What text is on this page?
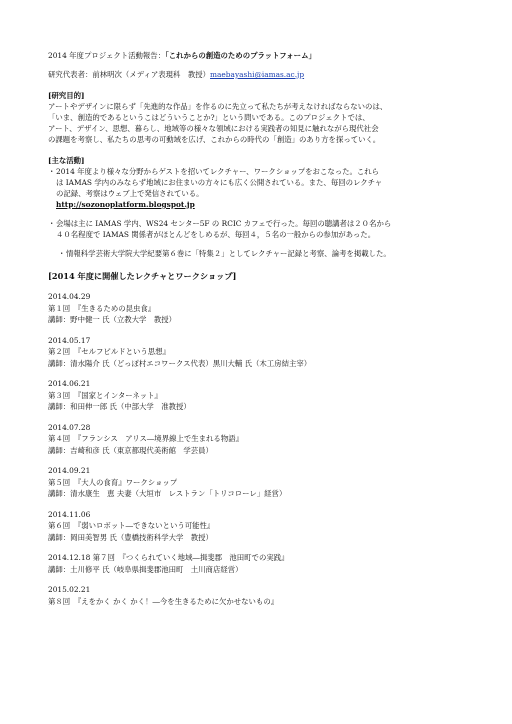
2014 年度プロジェクト活動報告：「これからの創造のためのプラットフォーム」
研究代表者：前林明次（メディア表現科　教授）maebayashi@iamas.ac.jp
[研究目的]
アートやデザインに限らず「先進的な作品」を作るのに先立って私たちが考えなければならないのは、
「いま、創造的であるというこはどういうことか?」という問いである。このプロジェクトでは、
アート、デザイン、思想、暮らし、地域等の様々な領域における実践者の知見に触れながら現代社会
の課題を考察し、私たちの思考の可動域を広げ、これからの時代の「創造」のあり方を探っていく。
[主な活動]
・ 2014 年度より様々な分野からゲストを招いてレクチャー、ワークショップをおこなった。これら
は IAMAS 学内のみならず地域にお住まいの方々にも広く公開されている。また、毎回のレクチャ
の記録、考察はウェブ上で発信されている。
http://sozonoplatform.blogspot.jp
・ 会場は主に IAMAS 学内、WS24 センター5F の RCIC カフェで行った。毎回の聴講者は２０名から
４０名程度で IAMAS 関係者がほとんどをしめるが、毎回４，５名の一般からの参加があった。
・ 情報科学芸術大学院大学紀要第６巻に「特集２」としてレクチャー記録と考察、論考を掲載した。
[2014 年度に開催したレクチャとワークショップ]
2014.04.29
第１回　『生きるための昆虫食』
講師：野中健一 氏（立教大学　教授）
2014.05.17
第２回　『セルフビルドという思想』
講師：清水陽介 氏（どっぽ村エコワークス代表）黒川大輔 氏（木工房結主宰）
2014.06.21
第３回　『国家とインターネット』
講師：和田伸一郎 氏（中部大学　准教授）
2014.07.28
第４回　『フランシス　アリス―境界線上で生まれる物語』
講師：吉崎和彦 氏（東京都現代美術館　学芸員）
2014.09.21
第５回　『大人の食育』ワークショップ
講師：清水康生　恵 夫妻（大垣市　レストラン「トリコローレ」経営）
2014.11.06
第６回　『弱いロボット―できないという可能性』
講師：岡田美智男 氏（豊橋技術科学大学　教授）
2014.12.18 第７回　『つくられていく地域―揖斐郡　池田町での実践』
講師：土川修平 氏（岐阜県揖斐郡池田町　土川商店経営）
2015.02.21
第８回　『えをかく かく かく！―今を生きるために欠かせないもの』
